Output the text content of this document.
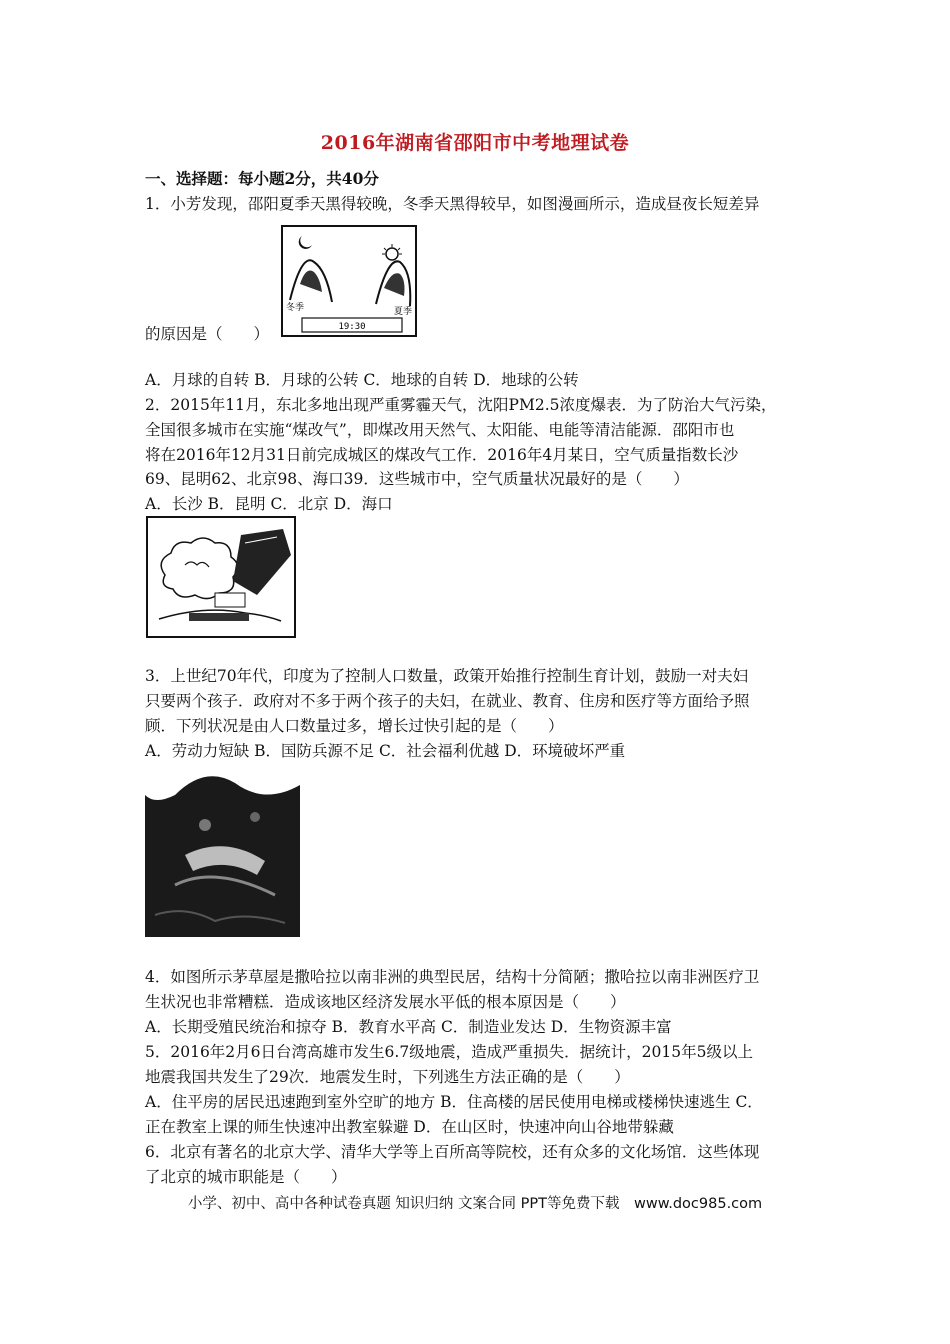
2016年湖南省邵阳市中考地理试卷
一、选择题：每小题2分，共40分
1．小芳发现，邵阳夏季天黑得较晚，冬季天黑得较早，如图漫画所示，造成昼夜长短差异
冬季	夏季
19:30
的原因是（　　）
A．月球的自转 B．月球的公转 C．地球的自转 D．地球的公转
2．2015年11月，东北多地出现严重雾霾天气，沈阳PM2.5浓度爆表．为了防治大气污染，
全国很多城市在实施“煤改气”，即煤改用天然气、太阳能、电能等清洁能源．邵阳市也
将在2016年12月31日前完成城区的煤改气工作．2016年4月某日，空气质量指数长沙
69、昆明62、北京98、海口39．这些城市中，空气质量状况最好的是（　　）
A．长沙 B．昆明 C．北京 D．海口
3．上世纪70年代，印度为了控制人口数量，政策开始推行控制生育计划，鼓励一对夫妇
只要两个孩子．政府对不多于两个孩子的夫妇，在就业、教育、住房和医疗等方面给予照
顾．下列状况是由人口数量过多，增长过快引起的是（　　）
A．劳动力短缺 B．国防兵源不足 C．社会福利优越 D．环境破坏严重
4．如图所示茅草屋是撒哈拉以南非洲的典型民居，结构十分简陋；撒哈拉以南非洲医疗卫
生状况也非常糟糕．造成该地区经济发展水平低的根本原因是（　　）
A．长期受殖民统治和掠夺 B．教育水平高 C．制造业发达 D．生物资源丰富
5．2016年2月6日台湾高雄市发生6.7级地震，造成严重损失．据统计，2015年5级以上
地震我国共发生了29次．地震发生时，下列逃生方法正确的是（　　）
A．住平房的居民迅速跑到室外空旷的地方 B．住高楼的居民使用电梯或楼梯快速逃生 C．
正在教室上课的师生快速冲出教室躲避 D．在山区时，快速冲向山谷地带躲藏
6．北京有著名的北京大学、清华大学等上百所高等院校，还有众多的文化场馆．这些体现
了北京的城市职能是（　　）
小学、初中、高中各种试卷真题 知识归纳 文案合同 PPT等免费下载　www.doc985.com
